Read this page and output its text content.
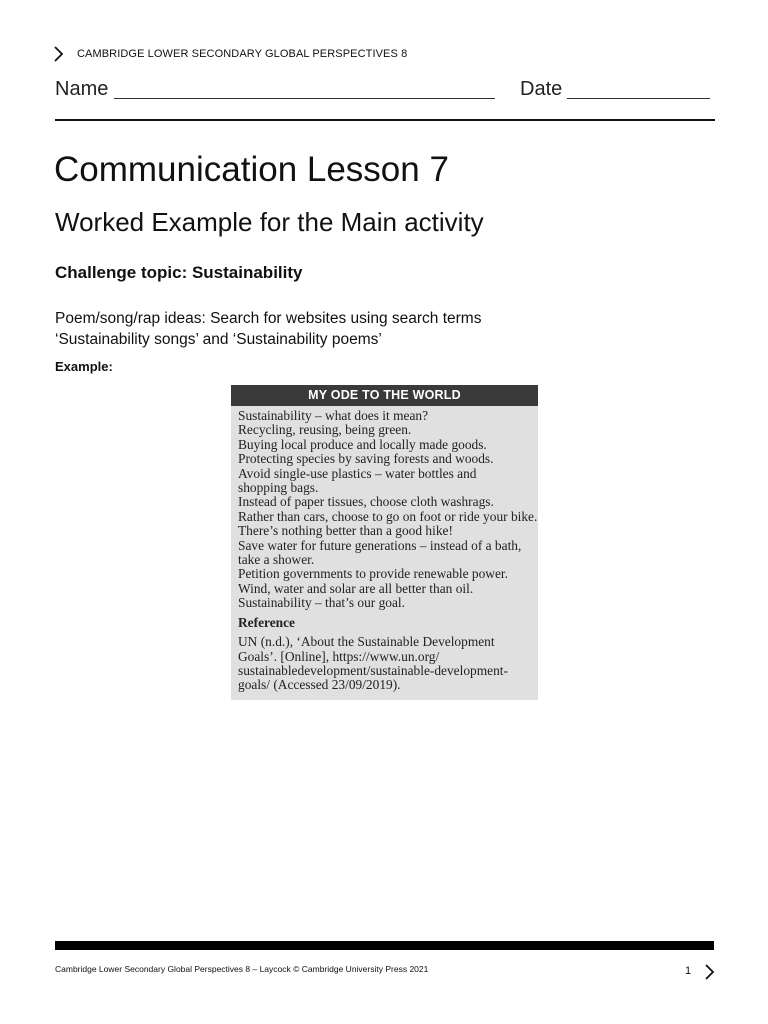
CAMBRIDGE LOWER SECONDARY GLOBAL PERSPECTIVES 8
Name	Date
Communication Lesson 7
Worked Example for the Main activity
Challenge topic: Sustainability
Poem/song/rap ideas: Search for websites using search terms
‘Sustainability songs’ and ‘Sustainability poems’
Example:
MY ODE TO THE WORLD
Sustainability – what does it mean?
Recycling, reusing, being green.
Buying local produce and locally made goods.
Protecting species by saving forests and woods.
Avoid single-use plastics – water bottles and
shopping bags.
Instead of paper tissues, choose cloth washrags.
Rather than cars, choose to go on foot or ride your bike.
There’s nothing better than a good hike!
Save water for future generations – instead of a bath,
take a shower.
Petition governments to provide renewable power.
Wind, water and solar are all better than oil.
Sustainability – that’s our goal.
Reference
UN (n.d.), ‘About the Sustainable Development
Goals’. [Online], https://www.un.org/
sustainabledevelopment/sustainable-development-
goals/ (Accessed 23/09/2019).
Cambridge Lower Secondary Global Perspectives 8 – Laycock © Cambridge University Press 2021	1
